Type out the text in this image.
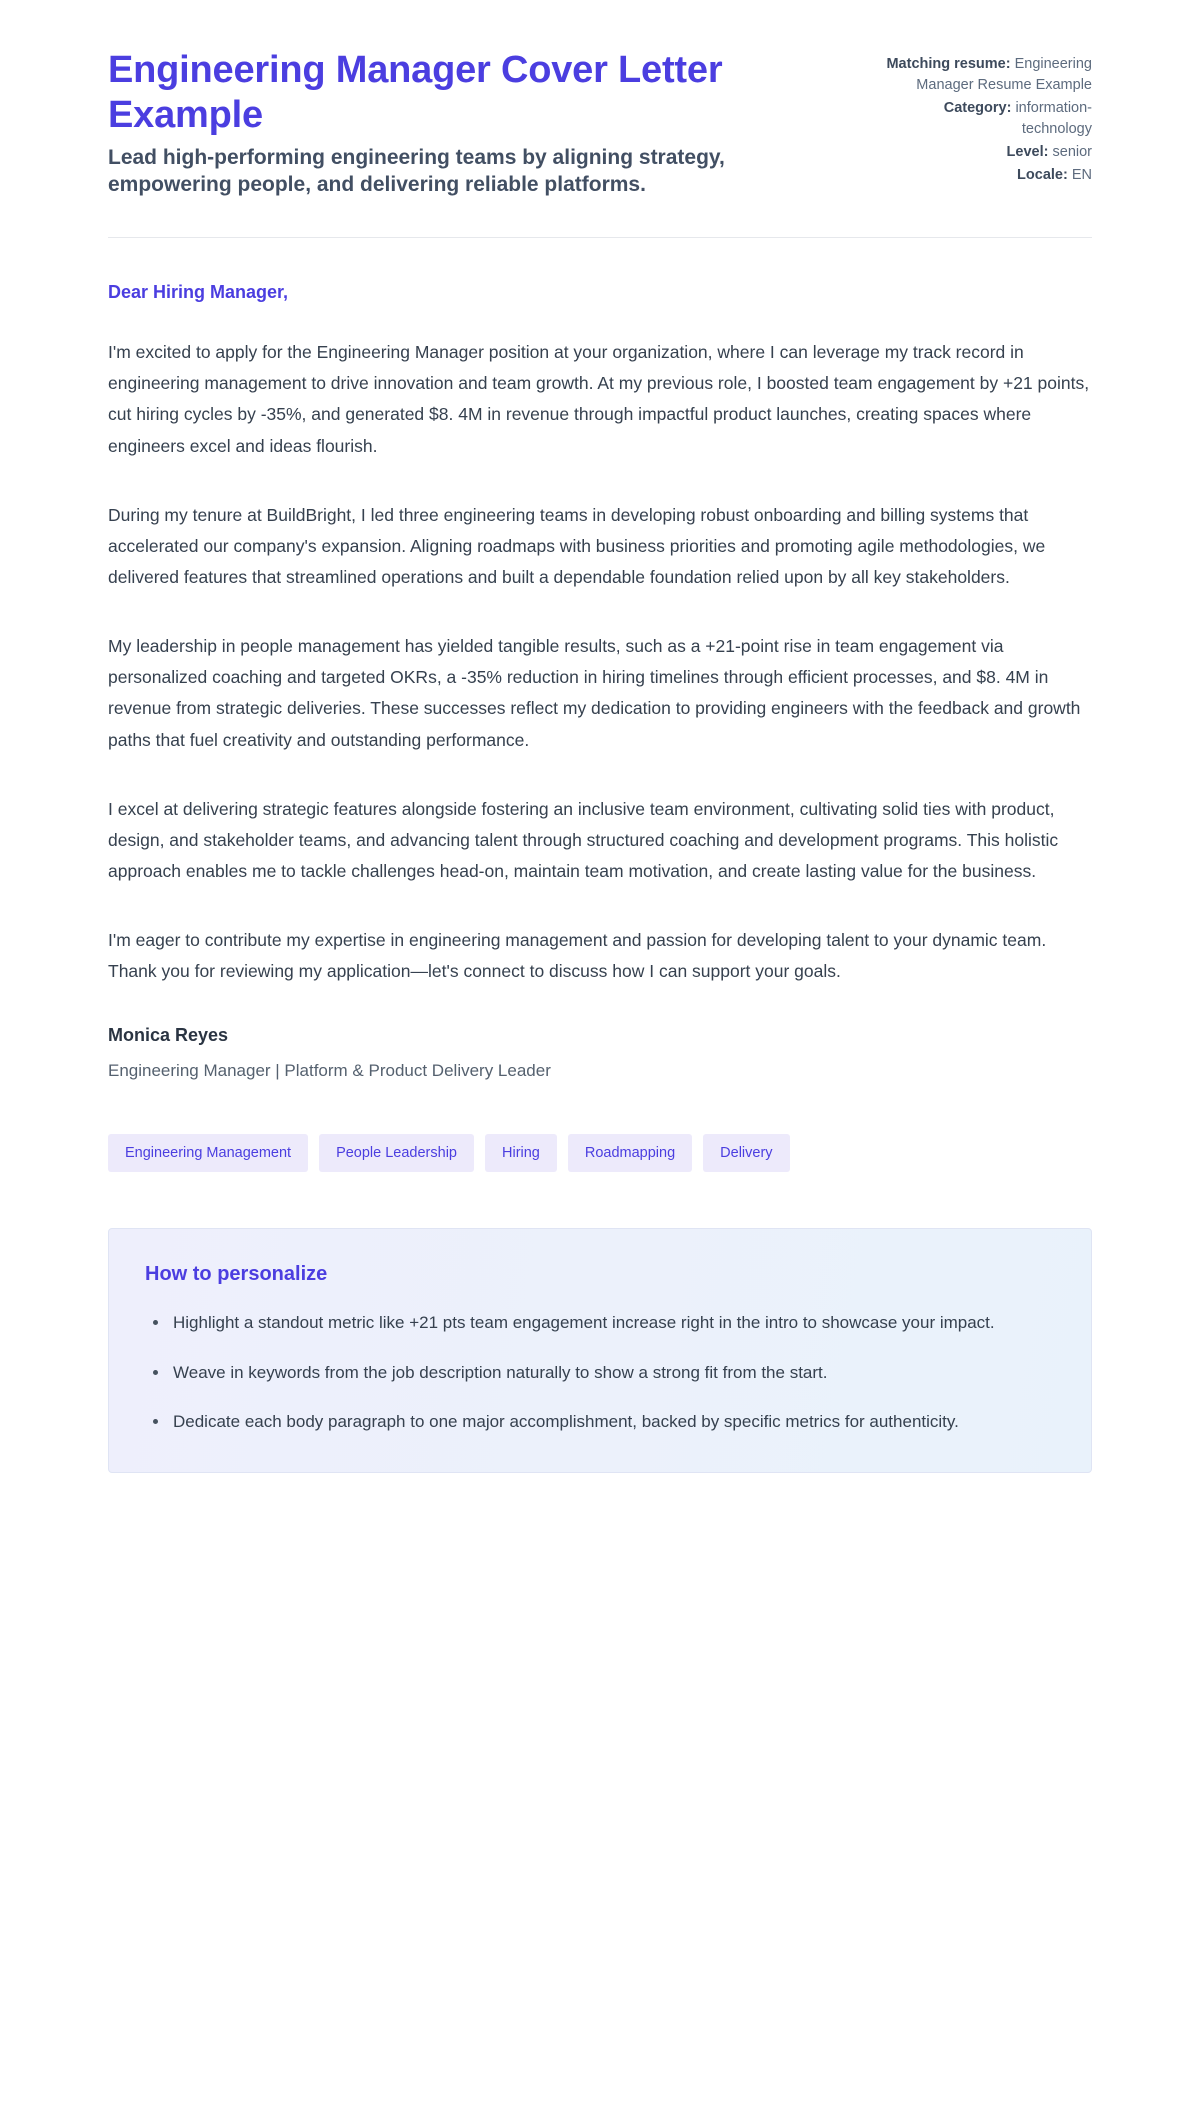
Engineering Manager Cover Letter Example

Lead high-performing engineering teams by aligning strategy, empowering people, and delivering reliable platforms.

Matching resume: Engineering Manager Resume Example
Category: information-technology
Level: senior
Locale: EN

Dear Hiring Manager,

I'm excited to apply for the Engineering Manager position at your organization, where I can leverage my track record in engineering management to drive innovation and team growth. At my previous role, I boosted team engagement by +21 points, cut hiring cycles by -35%, and generated $8. 4M in revenue through impactful product launches, creating spaces where engineers excel and ideas flourish.

During my tenure at BuildBright, I led three engineering teams in developing robust onboarding and billing systems that accelerated our company's expansion. Aligning roadmaps with business priorities and promoting agile methodologies, we delivered features that streamlined operations and built a dependable foundation relied upon by all key stakeholders.

My leadership in people management has yielded tangible results, such as a +21-point rise in team engagement via personalized coaching and targeted OKRs, a -35% reduction in hiring timelines through efficient processes, and $8. 4M in revenue from strategic deliveries. These successes reflect my dedication to providing engineers with the feedback and growth paths that fuel creativity and outstanding performance.

I excel at delivering strategic features alongside fostering an inclusive team environment, cultivating solid ties with product, design, and stakeholder teams, and advancing talent through structured coaching and development programs. This holistic approach enables me to tackle challenges head-on, maintain team motivation, and create lasting value for the business.

I'm eager to contribute my expertise in engineering management and passion for developing talent to your dynamic team. Thank you for reviewing my application—let's connect to discuss how I can support your goals.

Monica Reyes

Engineering Manager | Platform & Product Delivery Leader

Engineering Management	People Leadership	Hiring	Roadmapping	Delivery
How to personalize
Highlight a standout metric like +21 pts team engagement increase right in the intro to showcase your impact.
Weave in keywords from the job description naturally to show a strong fit from the start.
Dedicate each body paragraph to one major accomplishment, backed by specific metrics for authenticity.
